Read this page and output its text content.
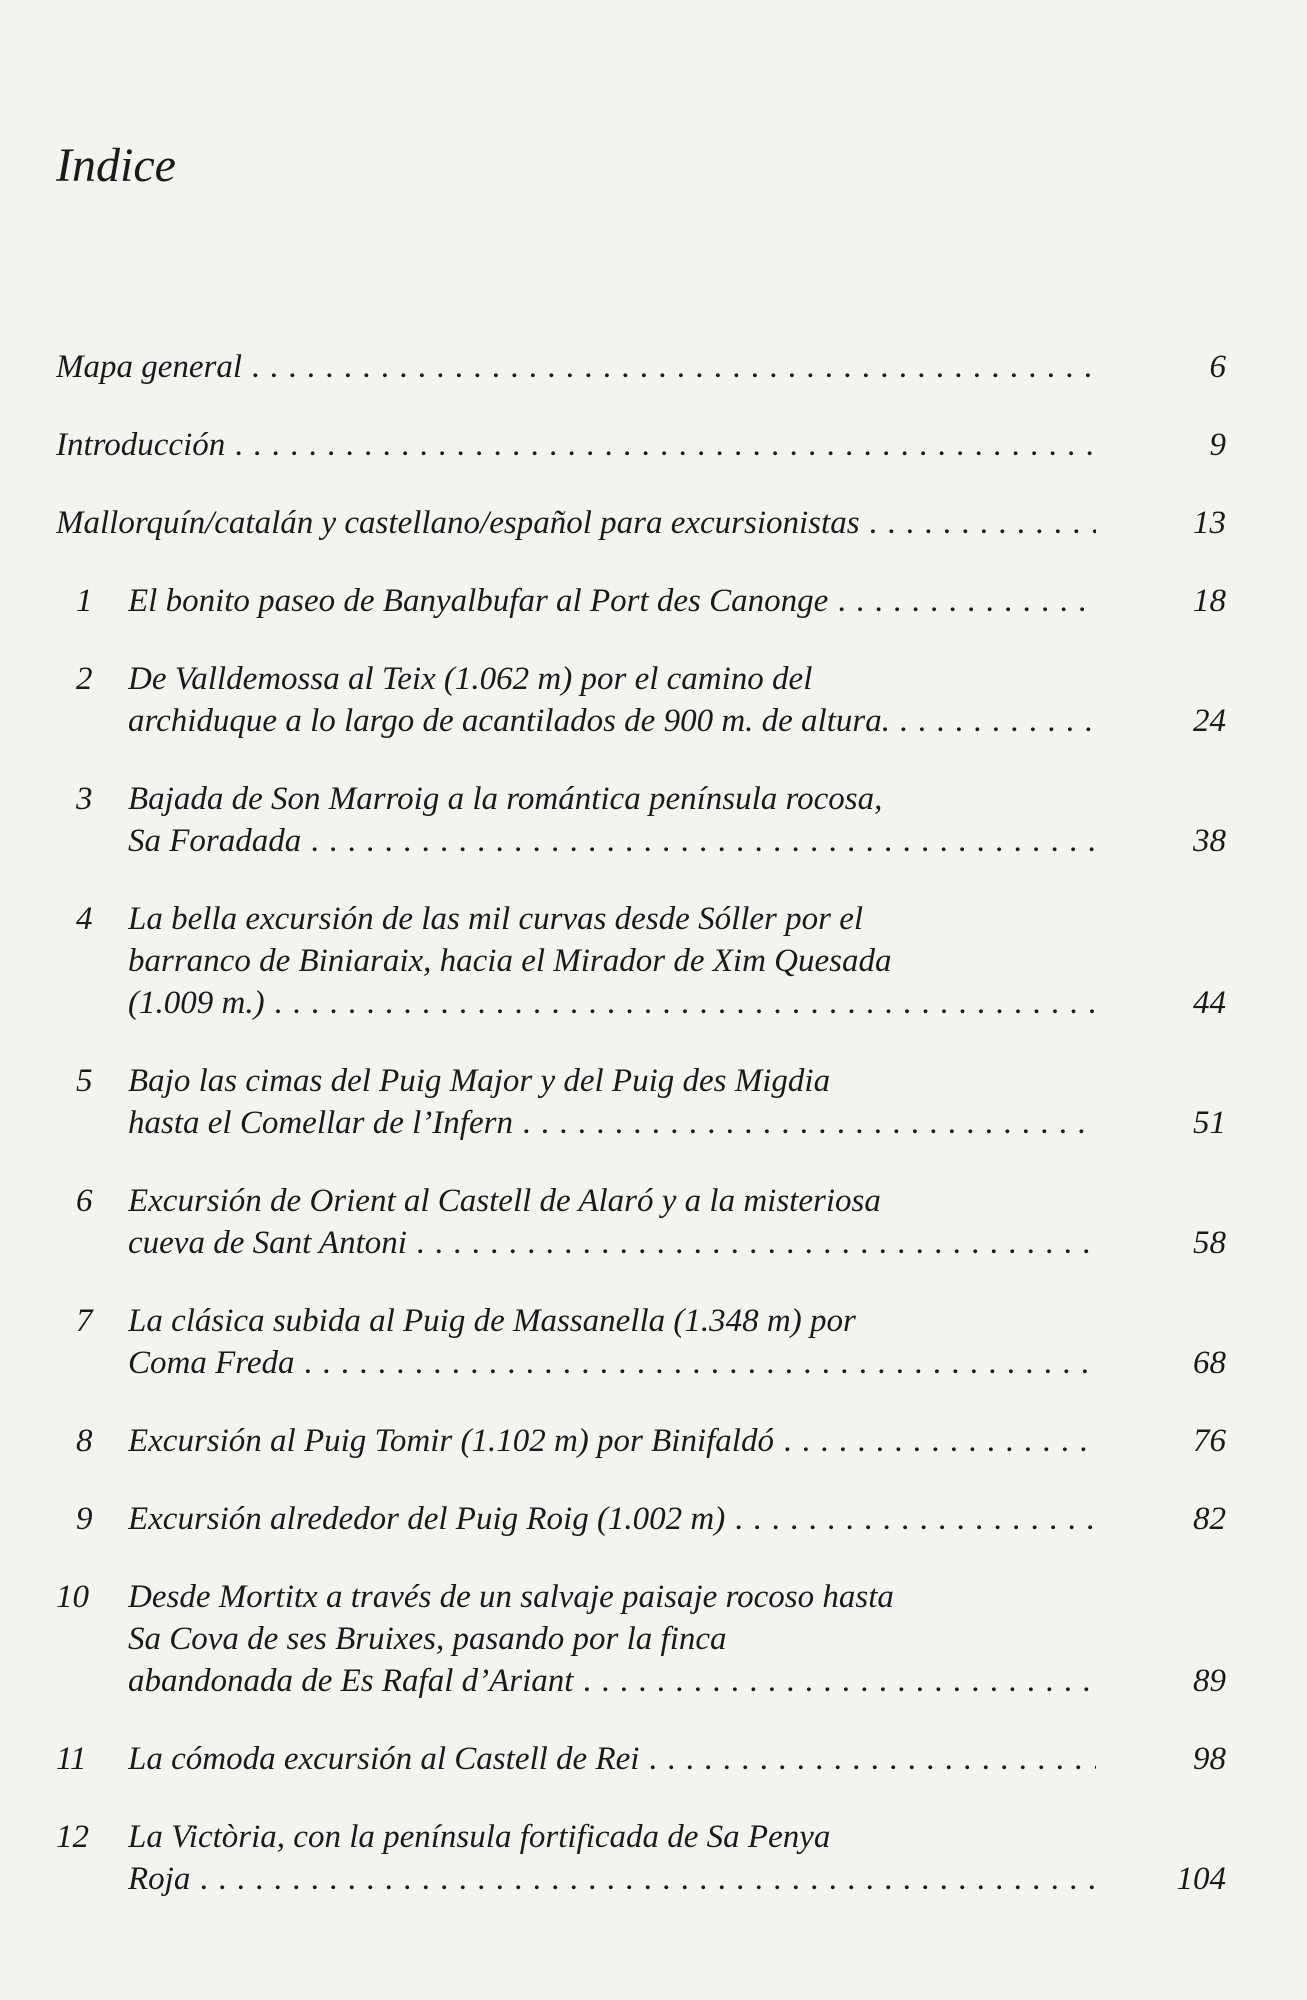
Indice
Mapa general . . .	6
Introducción . . .	9
Mallorquín/catalán y castellano/español para excursionistas . . .	13
1	El bonito paseo de Banyalbufar al Port des Canonge . . .	18
2	De Valldemossa al Teix (1.062 m) por el camino del
archiduque a lo largo de acantilados de 900 m. de altura. . . .	24
3	Bajada de Son Marroig a la romántica península rocosa,
Sa Foradada . . .	38
4	La bella excursión de las mil curvas desde Sóller por el
barranco de Biniaraix, hacia el Mirador de Xim Quesada
(1.009 m.) . . .	44
5	Bajo las cimas del Puig Major y del Puig des Migdia
hasta el Comellar de l’Infern . . .	51
6	Excursión de Orient al Castell de Alaró y a la misteriosa
cueva de Sant Antoni . . .	58
7	La clásica subida al Puig de Massanella (1.348 m) por
Coma Freda . . .	68
8	Excursión al Puig Tomir (1.102 m) por Binifaldó . . .	76
9	Excursión alrededor del Puig Roig (1.002 m) . . .	82
10	Desde Mortitx a través de un salvaje paisaje rocoso hasta
Sa Cova de ses Bruixes, pasando por la finca
abandonada de Es Rafal d’Ariant . . .	89
11	La cómoda excursión al Castell de Rei . . .	98
12	La Victòria, con la península fortificada de Sa Penya
Roja . . .	104
